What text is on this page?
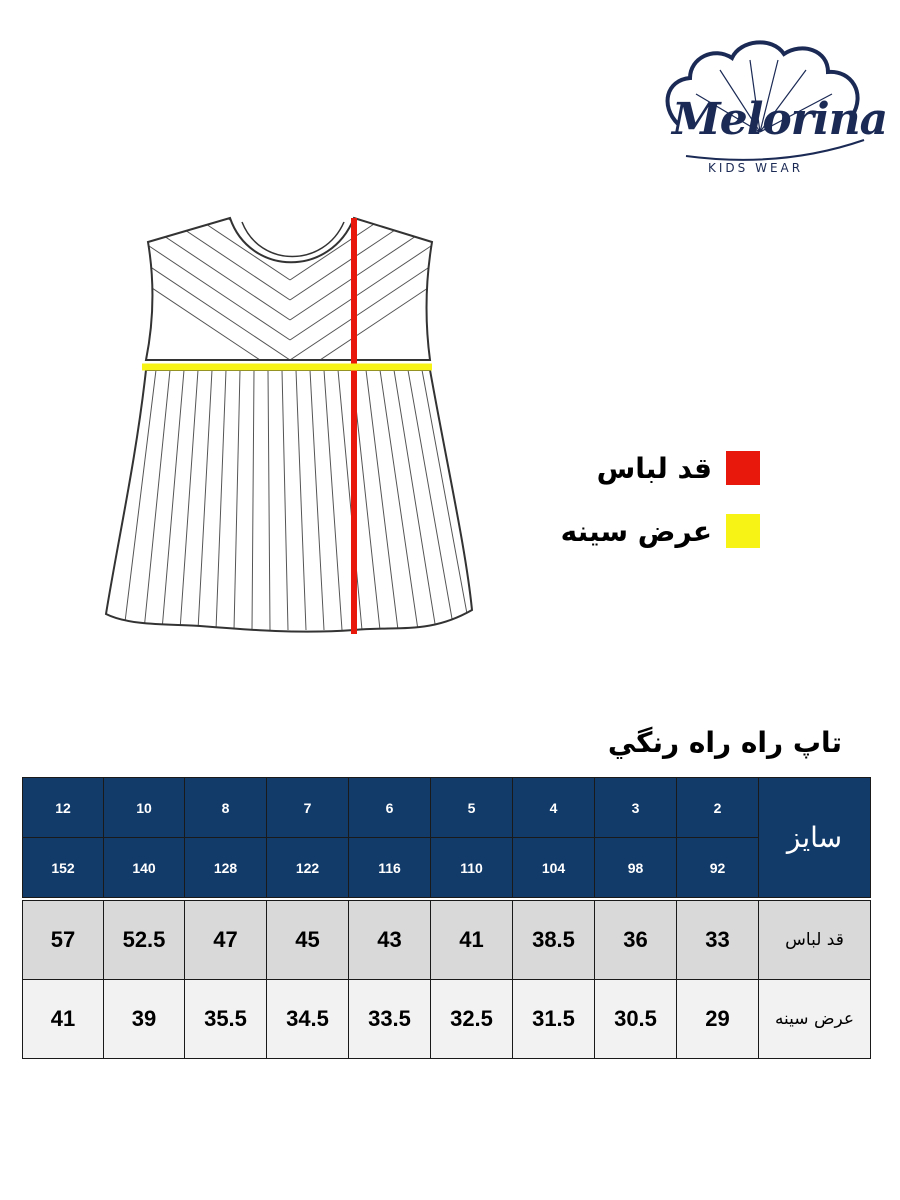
Melorina
KIDS WEAR
قد لباس
عرض سینه
تاپ راه راه رنگي
12	10	8	7	6	5	4	3	2	سایز
152	140	128	122	116	110	104	98	92	

57	52.5	47	45	43	41	38.5	36	33	قد لباس
41	39	35.5	34.5	33.5	32.5	31.5	30.5	29	عرض سینه
